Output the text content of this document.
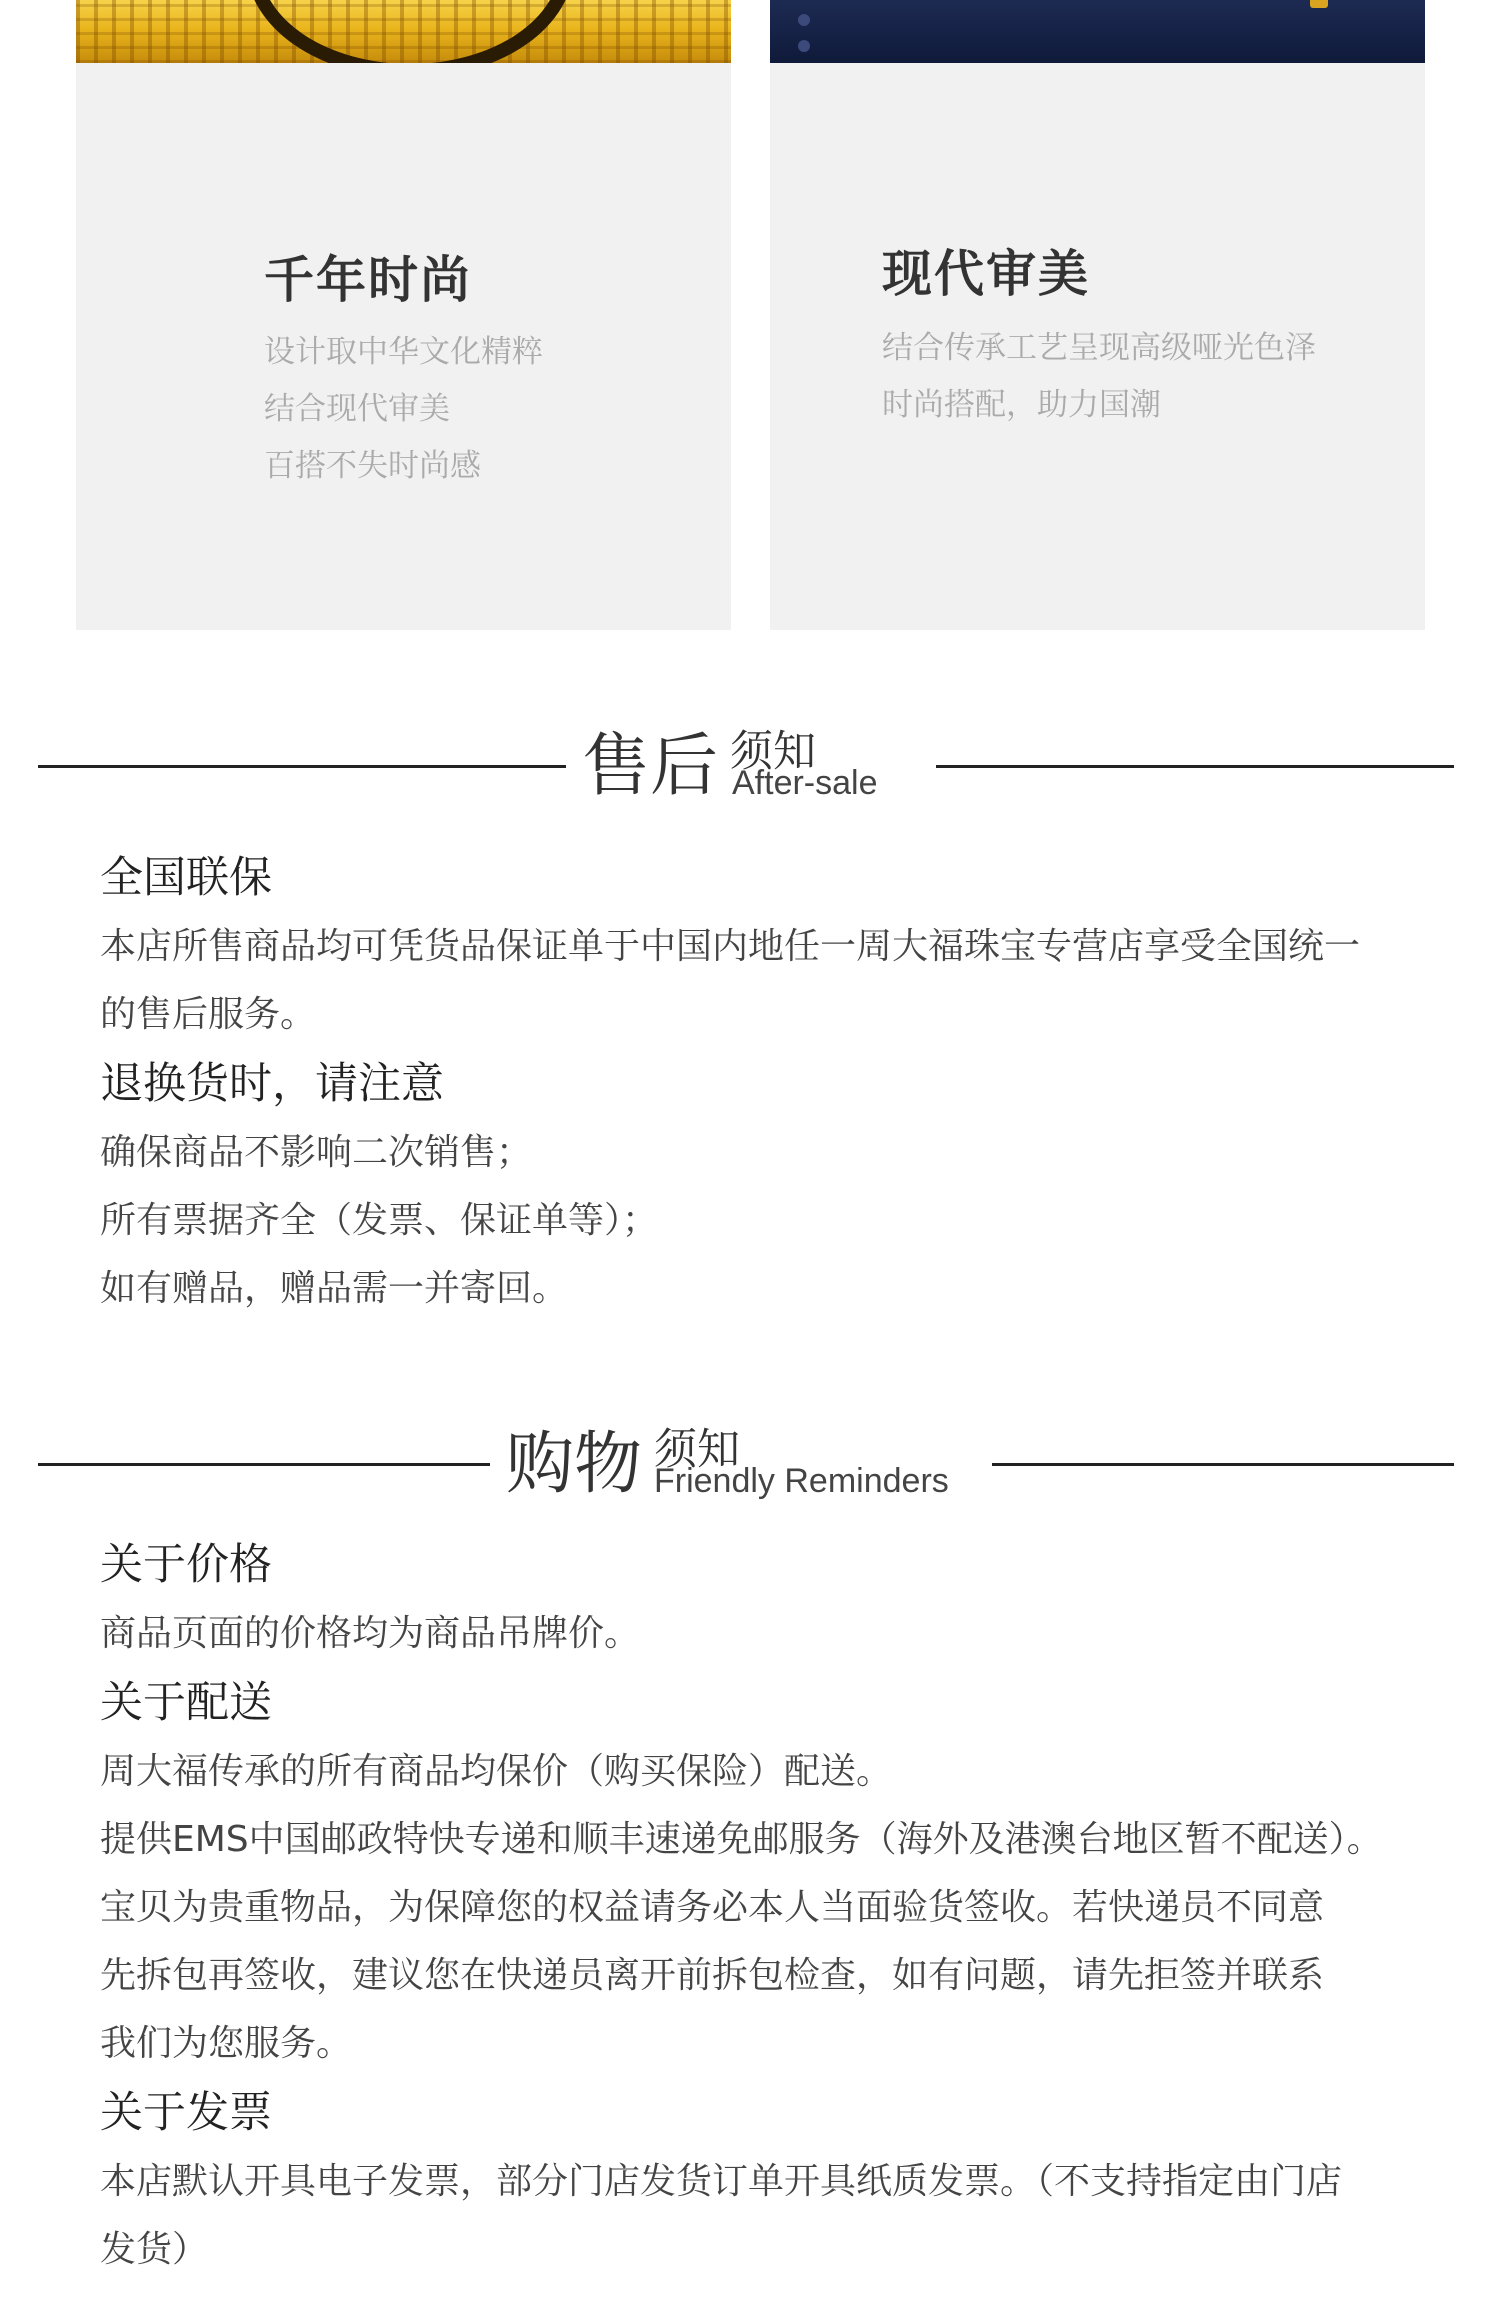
千年时尚
设计取中华文化精粹
结合现代审美
百搭不失时尚感
现代审美
结合传承工艺呈现高级哑光色泽
时尚搭配，助力国潮
售后 须知
After-sale
全国联保
本店所售商品均可凭货品保证单于中国内地任一周大福珠宝专营店享受全国统一
的售后服务。
退换货时，请注意
确保商品不影响二次销售；
所有票据齐全（发票、保证单等）；
如有赠品，赠品需一并寄回。
购物 须知
Friendly Reminders
关于价格
商品页面的价格均为商品吊牌价。
关于配送
周大福传承的所有商品均保价（购买保险）配送。
提供EMS中国邮政特快专递和顺丰速递免邮服务（海外及港澳台地区暂不配送）。
宝贝为贵重物品，为保障您的权益请务必本人当面验货签收。若快递员不同意
先拆包再签收，建议您在快递员离开前拆包检查，如有问题，请先拒签并联系
我们为您服务。
关于发票
本店默认开具电子发票，部分门店发货订单开具纸质发票。（不支持指定由门店
发货）
